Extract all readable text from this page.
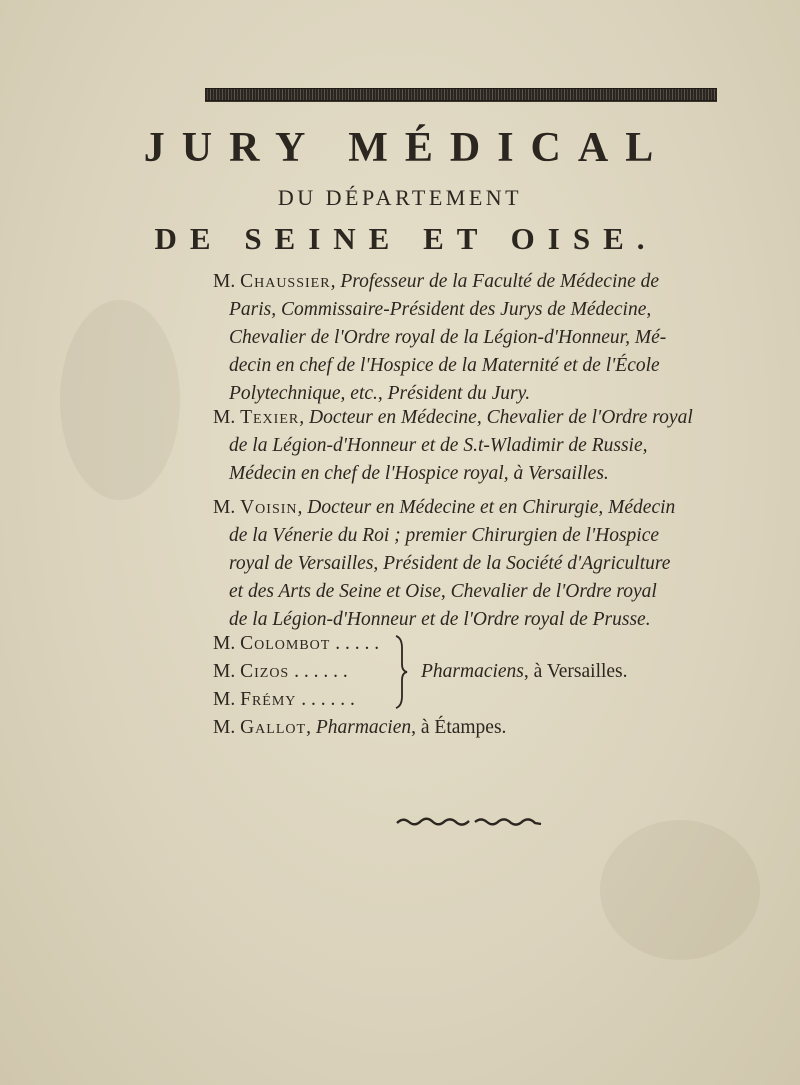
JURY MÉDICAL
DU DÉPARTEMENT
DE SEINE ET OISE.
M. Chaussier, Professeur de la Faculté de Médecine de
Paris, Commissaire-Président des Jurys de Médecine,
Chevalier de l'Ordre royal de la Légion-d'Honneur, Mé-
decin en chef de l'Hospice de la Maternité et de l'École
Polytechnique, etc., Président du Jury.
M. Texier, Docteur en Médecine, Chevalier de l'Ordre royal
de la Légion-d'Honneur et de S.t-Wladimir de Russie,
Médecin en chef de l'Hospice royal, à Versailles.
M. Voisin, Docteur en Médecine et en Chirurgie, Médecin
de la Vénerie du Roi ; premier Chirurgien de l'Hospice
royal de Versailles, Président de la Société d'Agriculture
et des Arts de Seine et Oise, Chevalier de l'Ordre royal
de la Légion-d'Honneur et de l'Ordre royal de Prusse.
M. Colombot . . . . .
M. Cizos . . . . . .
M. Frémy . . . . . .
Pharmaciens, à Versailles.
M. Gallot, Pharmacien, à Étampes.
